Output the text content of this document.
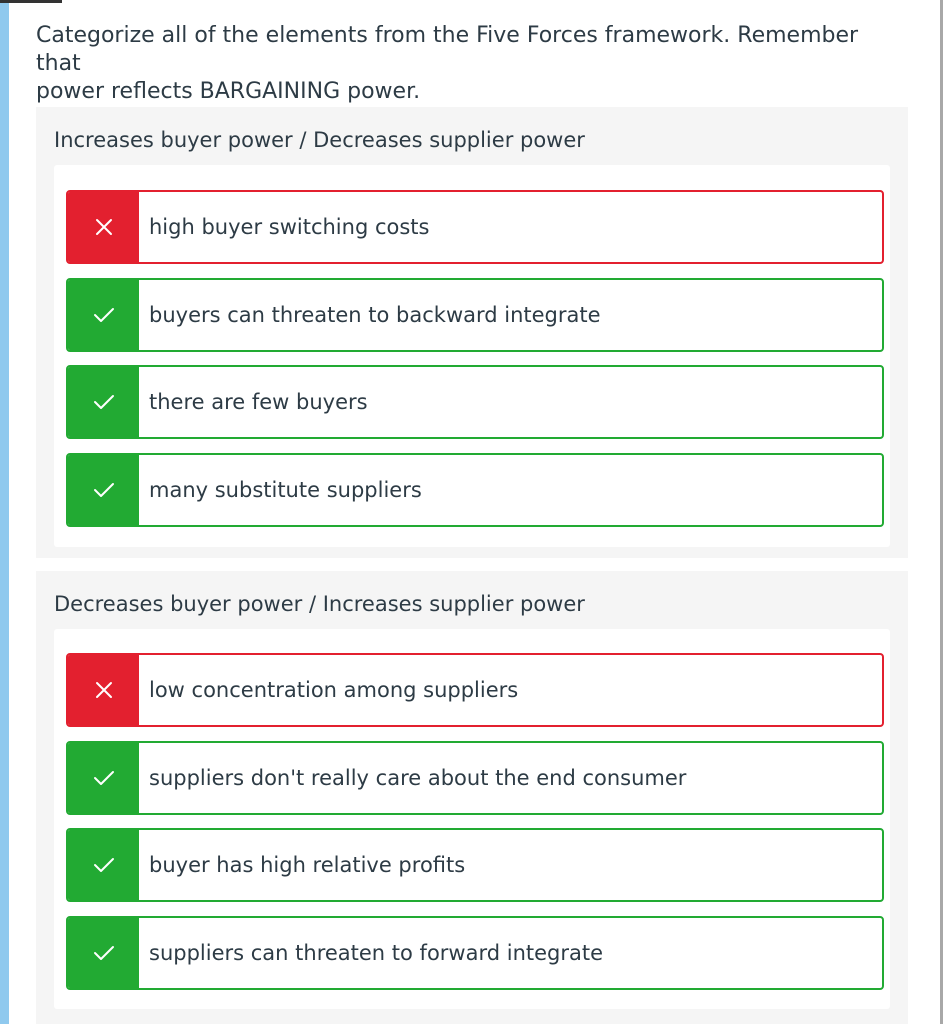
Categorize all of the elements from the Five Forces framework. Remember that
power reflects BARGAINING power.
Increases buyer power / Decreases supplier power
high buyer switching costs
buyers can threaten to backward integrate
there are few buyers
many substitute suppliers
Decreases buyer power / Increases supplier power
low concentration among suppliers
suppliers don't really care about the end consumer
buyer has high relative profits
suppliers can threaten to forward integrate
